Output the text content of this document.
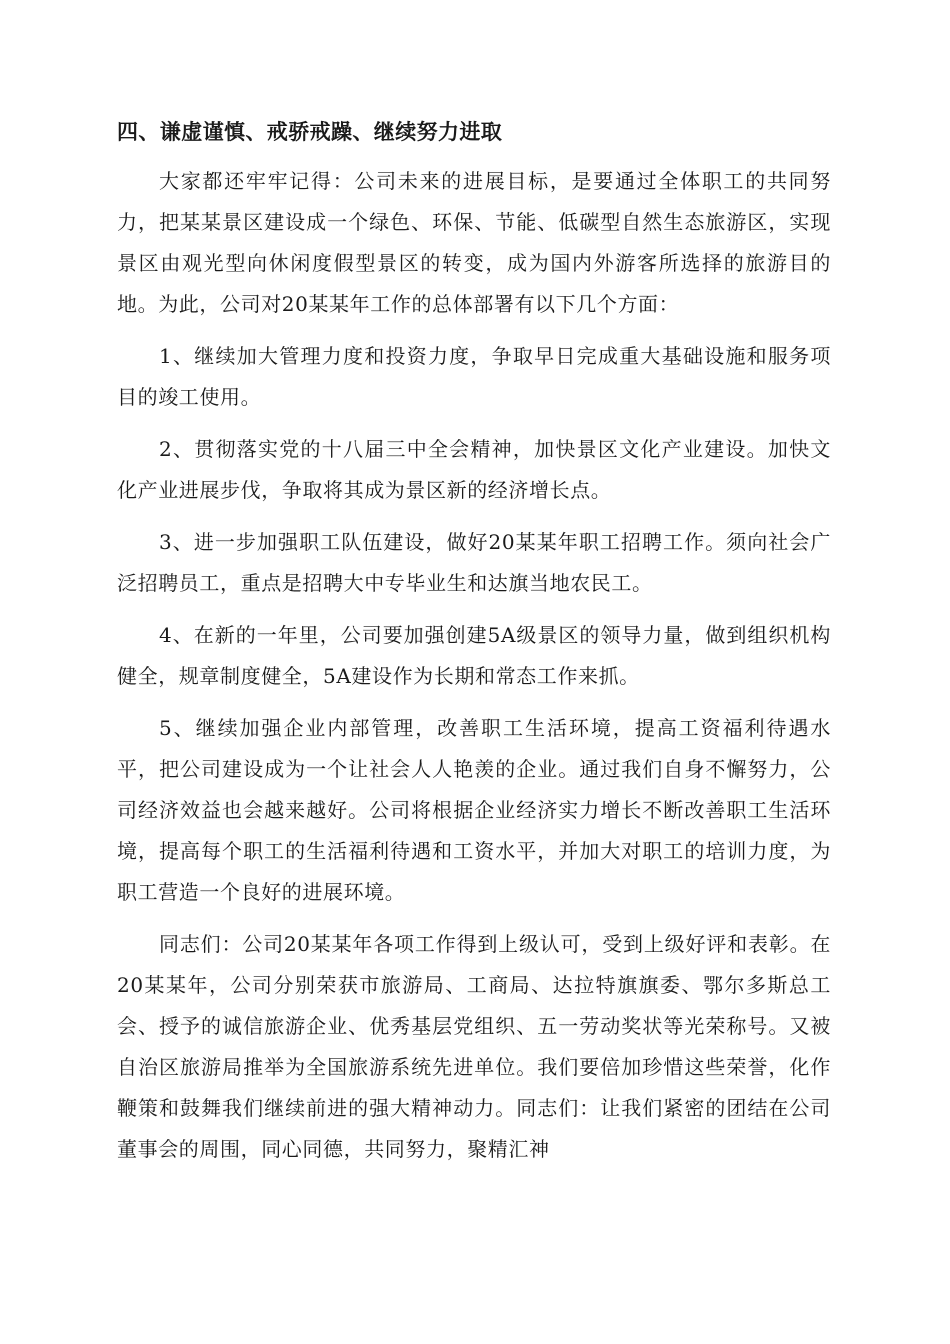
四、谦虚谨慎、戒骄戒躁、继续努力进取

大家都还牢牢记得：公司未来的进展目标，是要通过全体职工的共同努力，把某某景区建设成一个绿色、环保、节能、低碳型自然生态旅游区，实现景区由观光型向休闲度假型景区的转变，成为国内外游客所选择的旅游目的地。为此，公司对20某某年工作的总体部署有以下几个方面：

1、继续加大管理力度和投资力度，争取早日完成重大基础设施和服务项目的竣工使用。

2、贯彻落实党的十八届三中全会精神，加快景区文化产业建设。加快文化产业进展步伐，争取将其成为景区新的经济增长点。

3、进一步加强职工队伍建设，做好20某某年职工招聘工作。须向社会广泛招聘员工，重点是招聘大中专毕业生和达旗当地农民工。

4、在新的一年里，公司要加强创建5A级景区的领导力量，做到组织机构健全，规章制度健全，5A建设作为长期和常态工作来抓。

5、继续加强企业内部管理，改善职工生活环境，提高工资福利待遇水平，把公司建设成为一个让社会人人艳羡的企业。通过我们自身不懈努力，公司经济效益也会越来越好。公司将根据企业经济实力增长不断改善职工生活环境，提高每个职工的生活福利待遇和工资水平，并加大对职工的培训力度，为职工营造一个良好的进展环境。

同志们：公司20某某年各项工作得到上级认可，受到上级好评和表彰。在20某某年，公司分别荣获市旅游局、工商局、达拉特旗旗委、鄂尔多斯总工会、授予的诚信旅游企业、优秀基层党组织、五一劳动奖状等光荣称号。又被自治区旅游局推举为全国旅游系统先进单位。我们要倍加珍惜这些荣誉，化作鞭策和鼓舞我们继续前进的强大精神动力。同志们：让我们紧密的团结在公司董事会的周围，同心同德，共同努力，聚精汇神
